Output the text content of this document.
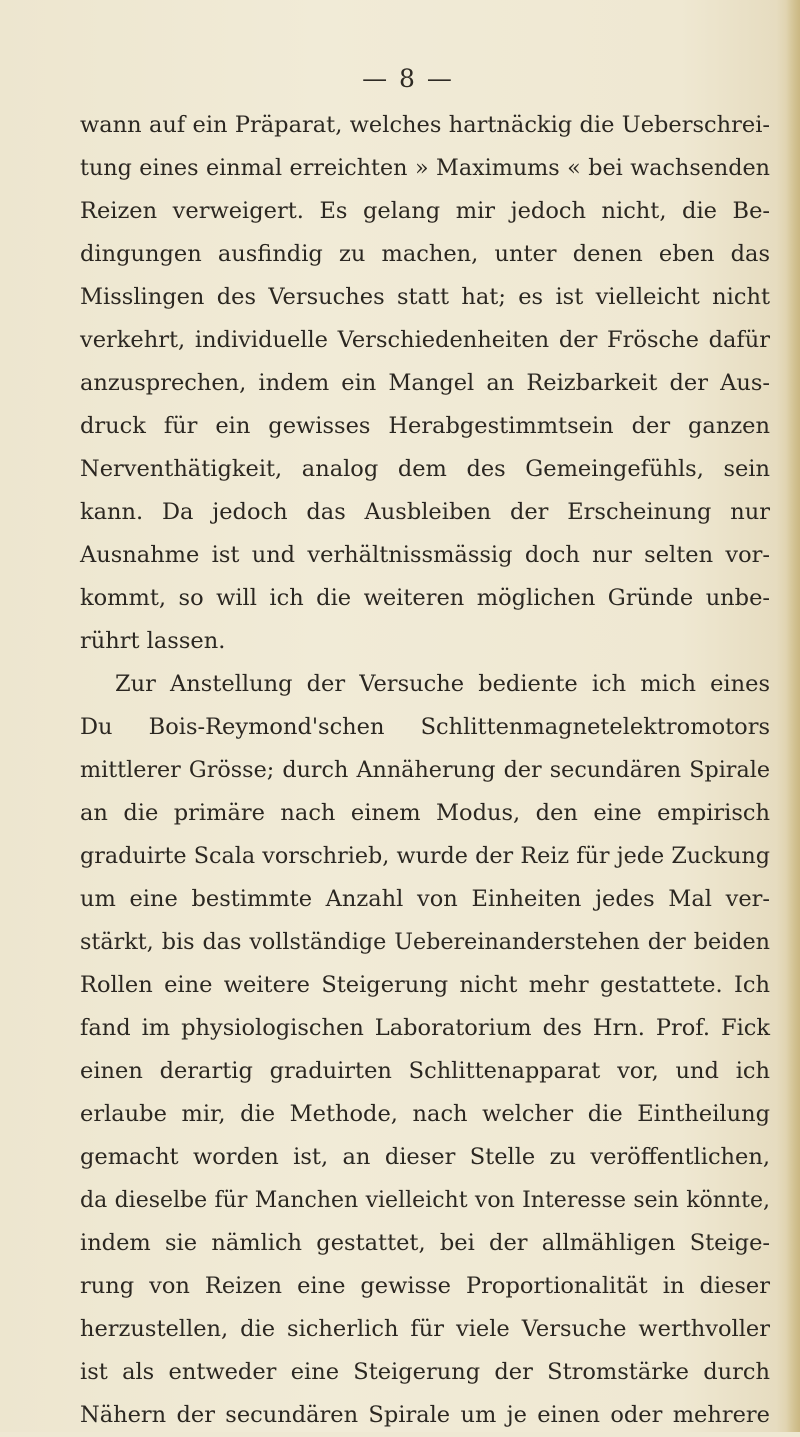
— 8 —
wann auf ein Präparat, welches hartnäckig die Ueberschrei-
tung eines einmal erreichten » Maximums « bei wachsenden
Reizen verweigert. Es gelang mir jedoch nicht, die Be-
dingungen ausfindig zu machen, unter denen eben das
Misslingen des Versuches statt hat; es ist vielleicht nicht
verkehrt, individuelle Verschiedenheiten der Frösche dafür
anzusprechen, indem ein Mangel an Reizbarkeit der Aus-
druck für ein gewisses Herabgestimmtsein der ganzen
Nerventhätigkeit, analog dem des Gemeingefühls, sein
kann. Da jedoch das Ausbleiben der Erscheinung nur
Ausnahme ist und verhältnissmässig doch nur selten vor-
kommt, so will ich die weiteren möglichen Gründe unbe-
rührt lassen.
Zur Anstellung der Versuche bediente ich mich eines
Du Bois-Reymond'schen Schlittenmagnetelektromotors
mittlerer Grösse; durch Annäherung der secundären Spirale
an die primäre nach einem Modus, den eine empirisch
graduirte Scala vorschrieb, wurde der Reiz für jede Zuckung
um eine bestimmte Anzahl von Einheiten jedes Mal ver-
stärkt, bis das vollständige Uebereinanderstehen der beiden
Rollen eine weitere Steigerung nicht mehr gestattete. Ich
fand im physiologischen Laboratorium des Hrn. Prof. Fick
einen derartig graduirten Schlittenapparat vor, und ich
erlaube mir, die Methode, nach welcher die Eintheilung
gemacht worden ist, an dieser Stelle zu veröffentlichen,
da dieselbe für Manchen vielleicht von Interesse sein könnte,
indem sie nämlich gestattet, bei der allmähligen Steige-
rung von Reizen eine gewisse Proportionalität in dieser
herzustellen, die sicherlich für viele Versuche werthvoller
ist als entweder eine Steigerung der Stromstärke durch
Nähern der secundären Spirale um je einen oder mehrere
